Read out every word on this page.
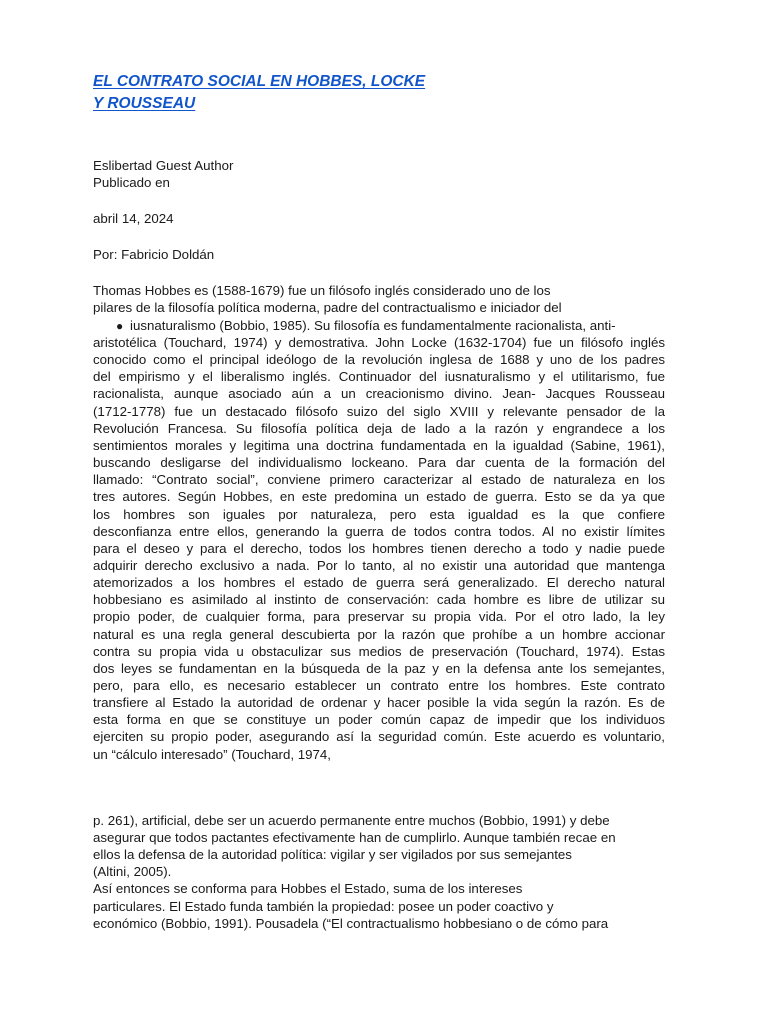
EL CONTRATO SOCIAL EN HOBBES, LOCKE
Y ROUSSEAU

Eslibertad Guest Author

Publicado en

abril 14, 2024

Por: Fabricio Doldán

Thomas Hobbes es (1588-1679) fue un filósofo inglés considerado uno de los

pilares de la filosofía política moderna, padre del contractualismo e iniciador del

● iusnaturalismo (Bobbio, 1985). Su filosofía es fundamentalmente racionalista, anti-

aristotélica (Touchard, 1974) y demostrativa. John Locke (1632-1704) fue un filósofo inglés

conocido como el principal ideólogo de la revolución inglesa de 1688 y uno de los padres

del empirismo y el liberalismo inglés. Continuador del iusnaturalismo y el utilitarismo, fue

racionalista, aunque asociado aún a un creacionismo divino. Jean- Jacques Rousseau

(1712-1778) fue un destacado filósofo suizo del siglo XVIII y relevante pensador de la

Revolución Francesa. Su filosofía política deja de lado a la razón y engrandece a los

sentimientos morales y legitima una doctrina fundamentada en la igualdad (Sabine, 1961),

buscando desligarse del individualismo lockeano. Para dar cuenta de la formación del

llamado: “Contrato social”, conviene primero caracterizar al estado de naturaleza en los

tres autores. Según Hobbes, en este predomina un estado de guerra. Esto se da ya que

los hombres son iguales por naturaleza, pero esta igualdad es la que confiere

desconfianza entre ellos, generando la guerra de todos contra todos. Al no existir límites

para el deseo y para el derecho, todos los hombres tienen derecho a todo y nadie puede

adquirir derecho exclusivo a nada. Por lo tanto, al no existir una autoridad que mantenga

atemorizados a los hombres el estado de guerra será generalizado. El derecho natural

hobbesiano es asimilado al instinto de conservación: cada hombre es libre de utilizar su

propio poder, de cualquier forma, para preservar su propia vida. Por el otro lado, la ley

natural es una regla general descubierta por la razón que prohíbe a un hombre accionar

contra su propia vida u obstaculizar sus medios de preservación (Touchard, 1974). Estas

dos leyes se fundamentan en la búsqueda de la paz y en la defensa ante los semejantes,

pero, para ello, es necesario establecer un contrato entre los hombres. Este contrato

transfiere al Estado la autoridad de ordenar y hacer posible la vida según la razón. Es de

esta forma en que se constituye un poder común capaz de impedir que los individuos

ejerciten su propio poder, asegurando así la seguridad común. Este acuerdo es voluntario,

un “cálculo interesado” (Touchard, 1974,

p. 261), artificial, debe ser un acuerdo permanente entre muchos (Bobbio, 1991) y debe

asegurar que todos pactantes efectivamente han de cumplirlo. Aunque también recae en

ellos la defensa de la autoridad política: vigilar y ser vigilados por sus semejantes

(Altini, 2005).

Así entonces se conforma para Hobbes el Estado, suma de los intereses

particulares. El Estado funda también la propiedad: posee un poder coactivo y

económico (Bobbio, 1991). Pousadela (“El contractualismo hobbesiano o de cómo para
